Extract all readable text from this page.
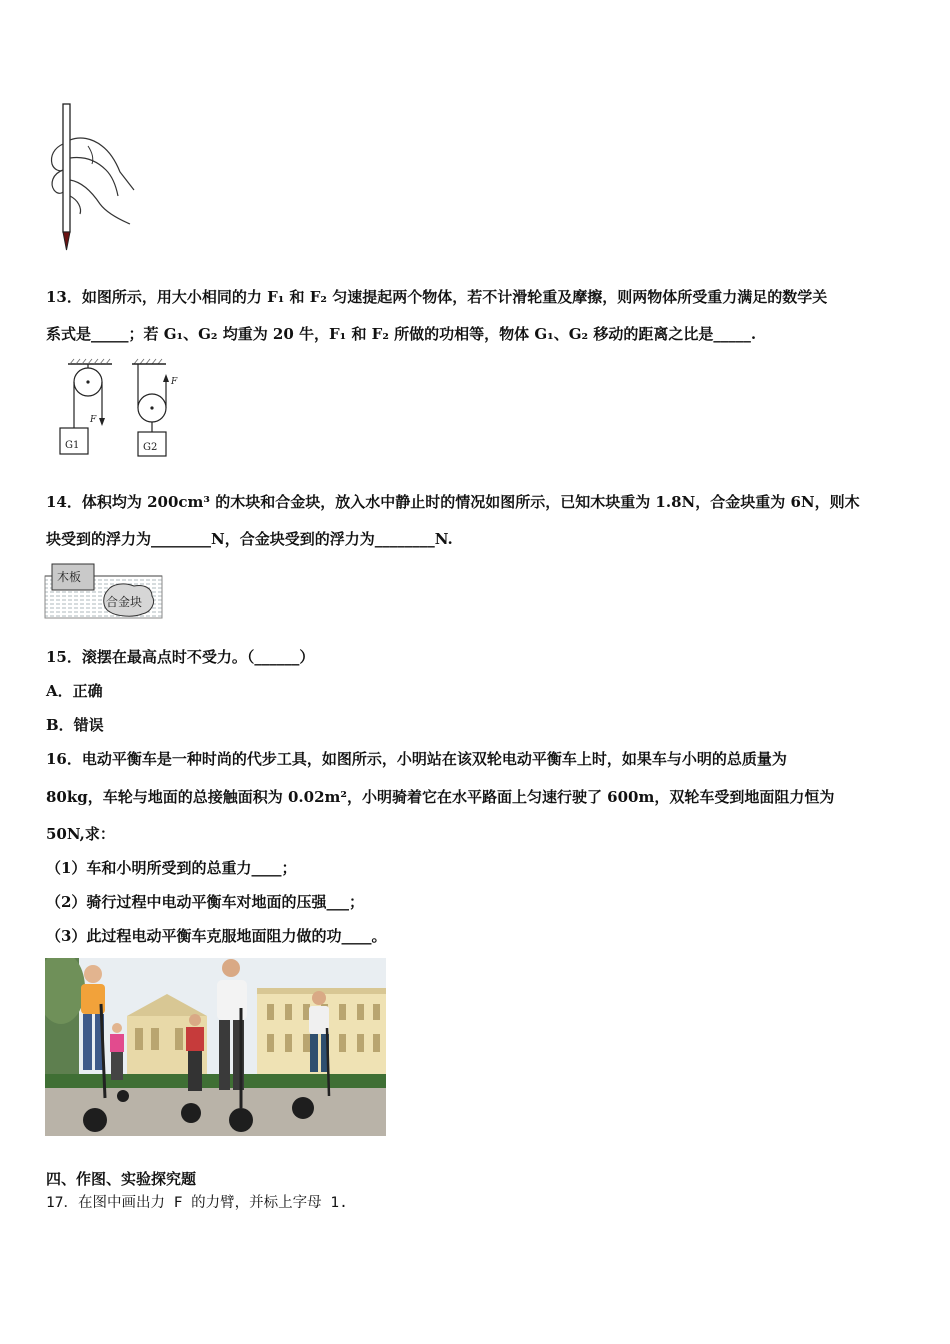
13．如图所示，用大小相同的力 F₁ 和 F₂ 匀速提起两个物体，若不计滑轮重及摩擦，则两物体所受重力满足的数学关
系式是_____；若 G₁、G₂ 均重为 20 牛，F₁ 和 F₂ 所做的功相等，物体 G₁、G₂ 移动的距离之比是_____.
F
G1
F
G2
14．体积均为 200cm³ 的木块和合金块，放入水中静止时的情况如图所示，已知木块重为 1.8N，合金块重为 6N，则木
块受到的浮力为________N，合金块受到的浮力为________N.
木板
合金块
15．滚摆在最高点时不受力。（______）
A．正确
B．错误
16．电动平衡车是一种时尚的代步工具，如图所示，小明站在该双轮电动平衡车上时，如果车与小明的总质量为
80kg，车轮与地面的总接触面积为 0.02m²，小明骑着它在水平路面上匀速行驶了 600m，双轮车受到地面阻力恒为
50N,求：
（1）车和小明所受到的总重力____；
（2）骑行过程中电动平衡车对地面的压强___；
（3）此过程电动平衡车克服地面阻力做的功____。
四、作图、实验探究题
17．在图中画出力 F 的力臂，并标上字母 1.
